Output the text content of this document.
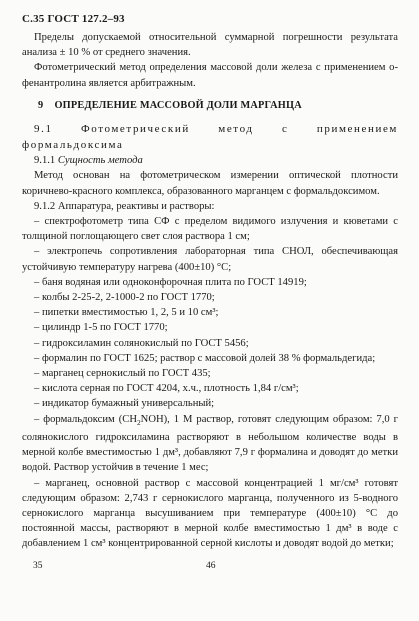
С.35 ГОСТ 127.2–93

Пределы допускаемой относительной суммарной погрешности результата анализа ± 10 % от среднего значения.

Фотометрический метод определения массовой доли железа с применением о-фенантролина является арбитражным.

9 ОПРЕДЕЛЕНИЕ МАССОВОЙ ДОЛИ МАРГАНЦА

9.1 Фотометрический метод с применением формальдоксима

9.1.1 Сущность метода

Метод основан на фотометрическом измерении оптической плотности коричнево-красного комплекса, образованного марганцем с формальдоксимом.

9.1.2 Аппаратура, реактивы и растворы:

– спектрофотометр типа СФ с пределом видимого излучения и кюветами с толщиной поглощающего свет слоя раствора 1 см;

– электропечь сопротивления лабораторная типа СНОЛ, обеспечивающая устойчивую температуру нагрева (400±10) °С;

– баня водяная или одноконфорочная плита по ГОСТ 14919;

– колбы 2-25-2, 2-1000-2 по ГОСТ 1770;

– пипетки вместимостью 1, 2, 5 и 10 см³;

– цилиндр 1-5 по ГОСТ 1770;

– гидроксиламин солянокислый по ГОСТ 5456;

– формалин по ГОСТ 1625; раствор с массовой долей 38 % формальдегида;

– марганец сернокислый по ГОСТ 435;

– кислота серная по ГОСТ 4204, х.ч., плотность 1,84 г/см³;

– индикатор бумажный универсальный;

– формальдоксим $(CH_2NOH)$, 1 М раствор, готовят следующим образом: 7,0 г солянокислого гидроксиламина растворяют в небольшом количестве воды в мерной колбе вместимостью 1 дм³, добавляют 7,9 г формалина и доводят до метки водой. Раствор устойчив в течение 1 мес;

– марганец, основной раствор с массовой концентрацией 1 мг/см³ готовят следующим образом: 2,743 г сернокислого марганца, полученного из 5-водного сернокислого марганца высушиванием при температуре (400±10) °С до постоянной массы, растворяют в мерной колбе вместимостью 1 дм³ в воде с добавлением 1 см³ концентрированной серной кислоты и доводят водой до метки;

35	46
